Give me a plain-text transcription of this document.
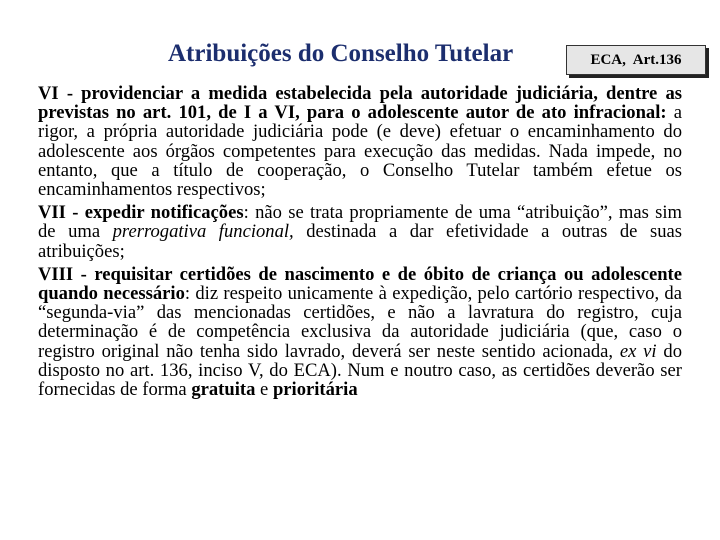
Atribuições do Conselho Tutelar	ECA, Art.136

VI - providenciar a medida estabelecida pela autoridade judiciária, dentre as previstas no art. 101, de I a VI, para o adolescente autor de ato infracional: a rigor, a própria autoridade judiciária pode (e deve) efetuar o encaminhamento do adolescente aos órgãos competentes para execução das medidas. Nada impede, no entanto, que a título de cooperação, o Conselho Tutelar também efetue os encaminhamentos respectivos;

VII - expedir notificações: não se trata propriamente de uma “atribuição”, mas sim de uma prerrogativa funcional, destinada a dar efetividade a outras de suas atribuições;

VIII - requisitar certidões de nascimento e de óbito de criança ou adolescente quando necessário: diz respeito unicamente à expedição, pelo cartório respectivo, da “segunda-via” das mencionadas certidões, e não a lavratura do registro, cuja determinação é de competência exclusiva da autoridade judiciária (que, caso o registro original não tenha sido lavrado, deverá ser neste sentido acionada, ex vi do disposto no art. 136, inciso V, do ECA). Num e noutro caso, as certidões deverão ser fornecidas de forma gratuita e prioritária
